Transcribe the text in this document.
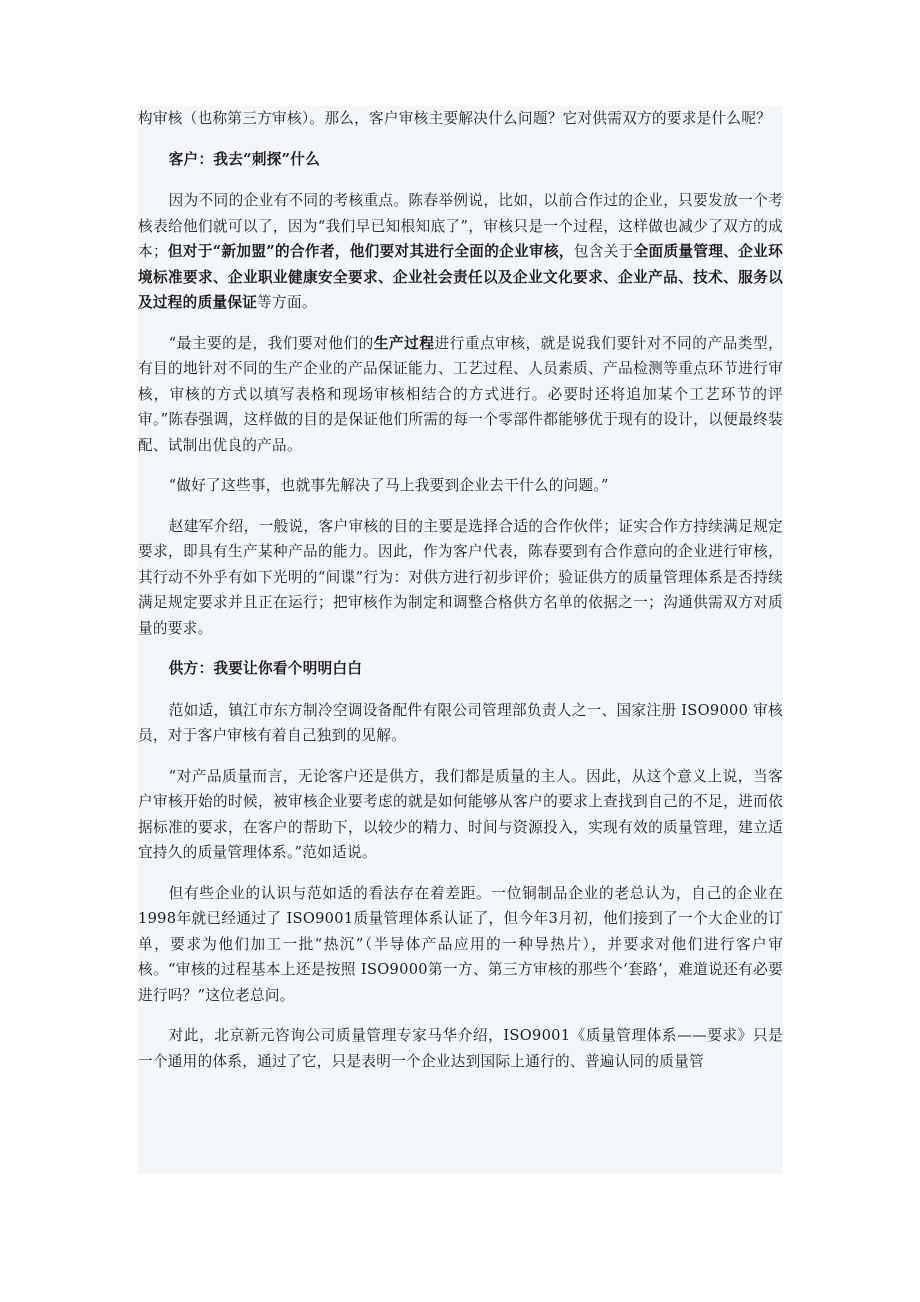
构审核（也称第三方审核）。那么，客户审核主要解决什么问题？它对供需双方的要求是什么呢？

客户：我去“刺探”什么

因为不同的企业有不同的考核重点。陈春举例说，比如，以前合作过的企业，只要发放一个考核表给他们就可以了，因为“我们早已知根知底了”，审核只是一个过程，这样做也减少了双方的成本；但对于“新加盟”的合作者，他们要对其进行全面的企业审核，包含关于全面质量管理、企业环境标准要求、企业职业健康安全要求、企业社会责任以及企业文化要求、企业产品、技术、服务以及过程的质量保证等方面。

“最主要的是，我们要对他们的生产过程进行重点审核，就是说我们要针对不同的产品类型，有目的地针对不同的生产企业的产品保证能力、工艺过程、人员素质、产品检测等重点环节进行审核，审核的方式以填写表格和现场审核相结合的方式进行。必要时还将追加某个工艺环节的评审。”陈春强调，这样做的目的是保证他们所需的每一个零部件都能够优于现有的设计，以便最终装配、试制出优良的产品。

“做好了这些事，也就事先解决了马上我要到企业去干什么的问题。”

赵建军介绍，一般说，客户审核的目的主要是选择合适的合作伙伴；证实合作方持续满足规定要求，即具有生产某种产品的能力。因此，作为客户代表，陈春要到有合作意向的企业进行审核，其行动不外乎有如下光明的“间谍”行为：对供方进行初步评价；验证供方的质量管理体系是否持续满足规定要求并且正在运行；把审核作为制定和调整合格供方名单的依据之一；沟通供需双方对质量的要求。

供方：我要让你看个明明白白

范如适，镇江市东方制冷空调设备配件有限公司管理部负责人之一、国家注册 ISO9000 审核员，对于客户审核有着自己独到的见解。

“对产品质量而言，无论客户还是供方，我们都是质量的主人。因此，从这个意义上说，当客户审核开始的时候，被审核企业要考虑的就是如何能够从客户的要求上查找到自己的不足，进而依据标准的要求，在客户的帮助下，以较少的精力、时间与资源投入，实现有效的质量管理，建立适宜持久的质量管理体系。”范如适说。

但有些企业的认识与范如适的看法存在着差距。一位铜制品企业的老总认为，自己的企业在1998年就已经通过了 ISO9001质量管理体系认证了，但今年3月初，他们接到了一个大企业的订单，要求为他们加工一批“热沉”（半导体产品应用的一种导热片），并要求对他们进行客户审核。“审核的过程基本上还是按照 ISO9000第一方、第三方审核的那些个‘套路’，难道说还有必要进行吗？”这位老总问。

对此，北京新元咨询公司质量管理专家马华介绍，ISO9001《质量管理体系——要求》只是一个通用的体系，通过了它，只是表明一个企业达到国际上通行的、普遍认同的质量管
